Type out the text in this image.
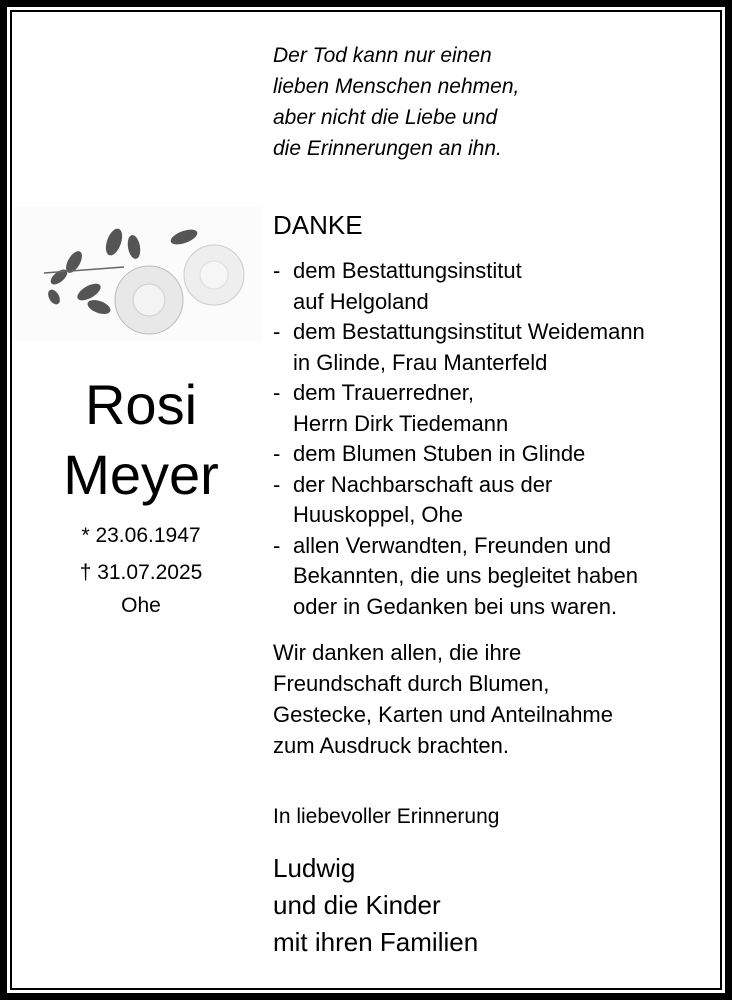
Der Tod kann nur einen
lieben Menschen nehmen,
aber nicht die Liebe und
die Erinnerungen an ihn.
DANKE
- dem Bestattungsinstitut
auf Helgoland
- dem Bestattungsinstitut Weidemann
in Glinde, Frau Manterfeld
- dem Trauerredner,
Herrn Dirk Tiedemann
- dem Blumen Stuben in Glinde
- der Nachbarschaft aus der
Huuskoppel, Ohe
- allen Verwandten, Freunden und
Bekannten, die uns begleitet haben
oder in Gedanken bei uns waren.
Rosi
Meyer
* 23.06.1947
† 31.07.2025
Ohe
Wir danken allen, die ihre
Freundschaft durch Blumen,
Gestecke, Karten und Anteilnahme
zum Ausdruck brachten.
In liebevoller Erinnerung
Ludwig
und die Kinder
mit ihren Familien
